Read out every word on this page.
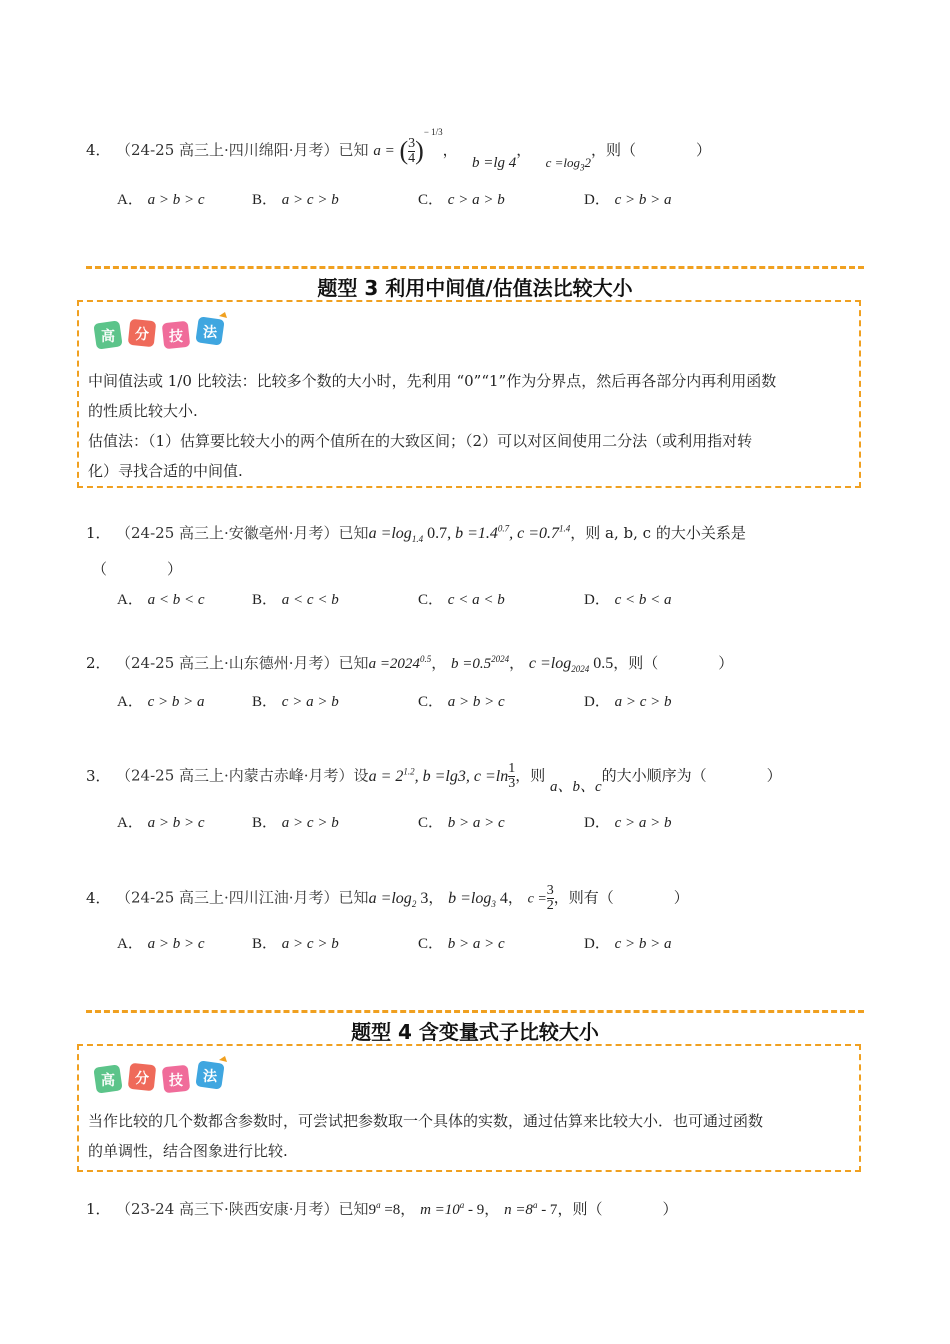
4． （24-25 高三上·四川绵阳·月考）已知 a = ( $\frac{3}{4} )^{- 1/3}$，   b =lg 4，   $c =\log_32$，则（　　　　）
A． a > b > c	B． a > c > b	C． c > a > b	D． c > b > a
题型 3 利用中间值/估值法比较大小
高 分 技 法
中间值法或 1/0 比较法：比较多个数的大小时，先利用 “0”“1”作为分界点，然后再各部分内再利用函数
的性质比较大小.
估值法：（1）估算要比较大小的两个值所在的大致区间；（2）可以对区间使用二分法（或利用指对转
化）寻找合适的中间值.
1． （24-25 高三上·安徽亳州·月考）已知$a =\log_{1.4}$ 0.7, $b =1.4^{0.7}$, $c =0.7^{1.4}$，则 a, b, c 的大小关系是
（　　　　）
A． a < b < c	B． a < c < b	C． c < a < b	D． c < b < a
2． （24-25 高三上·山东德州·月考）已知$a =2024^{0.5}$， $b =0.5^{2024}$， $c =\log_{2024}$ 0.5，则（　　　　）
A． c > b > a	B． c > a > b	C． a > b > c	D． a > c > b
3． （24-25 高三上·内蒙古赤峰·月考）设$a = 2^{1.2}$, b =lg3, $c =\ln \frac{1}{3}$ ，则 a、b、c的大小顺序为（　　　　）
A． a > b > c	B． a > c > b	C． b > a > c	D． c > a > b
4． （24-25 高三上·四川江油·月考）已知$a =\log_2$ 3， $b =\log_3$ 4， $c = \frac{3}{2}$ ，则有（　　　　）
A． a > b > c	B． a > c > b	C． b > a > c	D． c > b > a
题型 4 含变量式子比较大小
高 分 技 法
当作比较的几个数都含参数时，可尝试把参数取一个具体的实数，通过估算来比较大小．也可通过函数
的单调性，结合图象进行比较.
1． （23-24 高三下·陕西安康·月考）已知$9^a =8$， $m =10^a - 9$， $n =8^a - 7$，则（　　　　）
